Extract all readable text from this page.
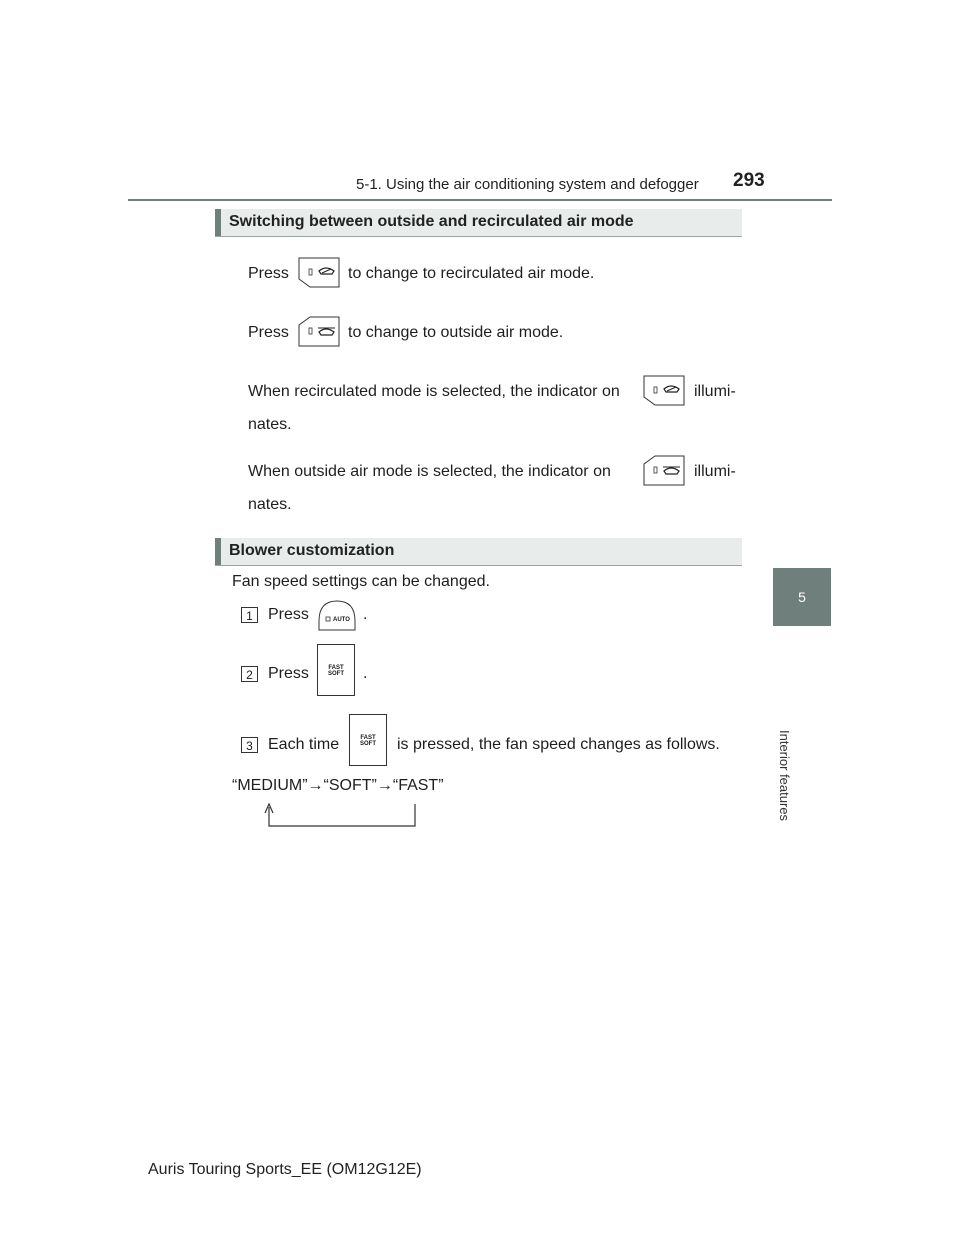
5-1. Using the air conditioning system and defogger 293
5
Interior features
Switching between outside and recirculated air mode
Press	to change to recirculated air mode.
Press	to change to outside air mode.
When recirculated mode is selected, the indicator on	illumi-
nates.
When outside air mode is selected, the indicator on	illumi-
nates.
Blower customization
Fan speed settings can be changed.
1 Press	AUTO .
2 Press	FAST
SOFT	.
3 Each time	FAST
SOFT	is pressed, the fan speed changes as follows.
“MEDIUM”→“SOFT”→“FAST”
Auris Touring Sports_EE (OM12G12E)
